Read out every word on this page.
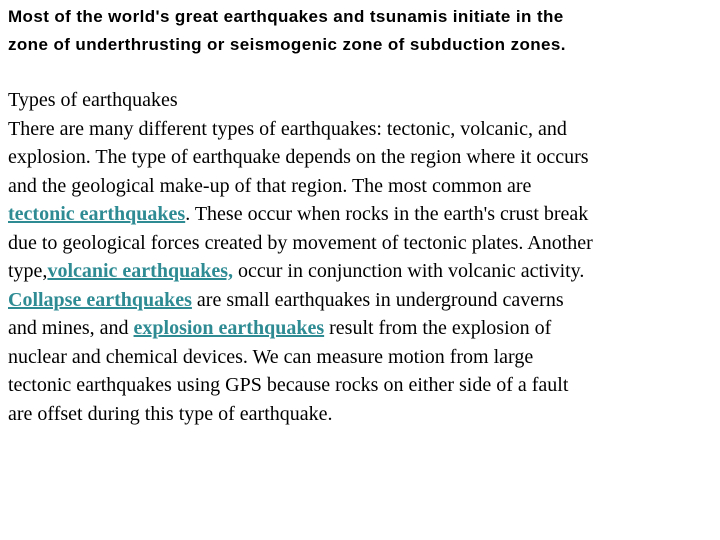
Most of the world's great earthquakes and tsunamis initiate in the
zone of underthrusting or seismogenic zone of subduction zones.

Types of earthquakes
There are many different types of earthquakes: tectonic, volcanic, and
explosion. The type of earthquake depends on the region where it occurs
and the geological make-up of that region. The most common are
tectonic earthquakes. These occur when rocks in the earth's crust break
due to geological forces created by movement of tectonic plates. Another
type,volcanic earthquakes, occur in conjunction with volcanic activity.
Collapse earthquakes are small earthquakes in underground caverns
and mines, and explosion earthquakes result from the explosion of
nuclear and chemical devices. We can measure motion from large
tectonic earthquakes using GPS because rocks on either side of a fault
are offset during this type of earthquake.
